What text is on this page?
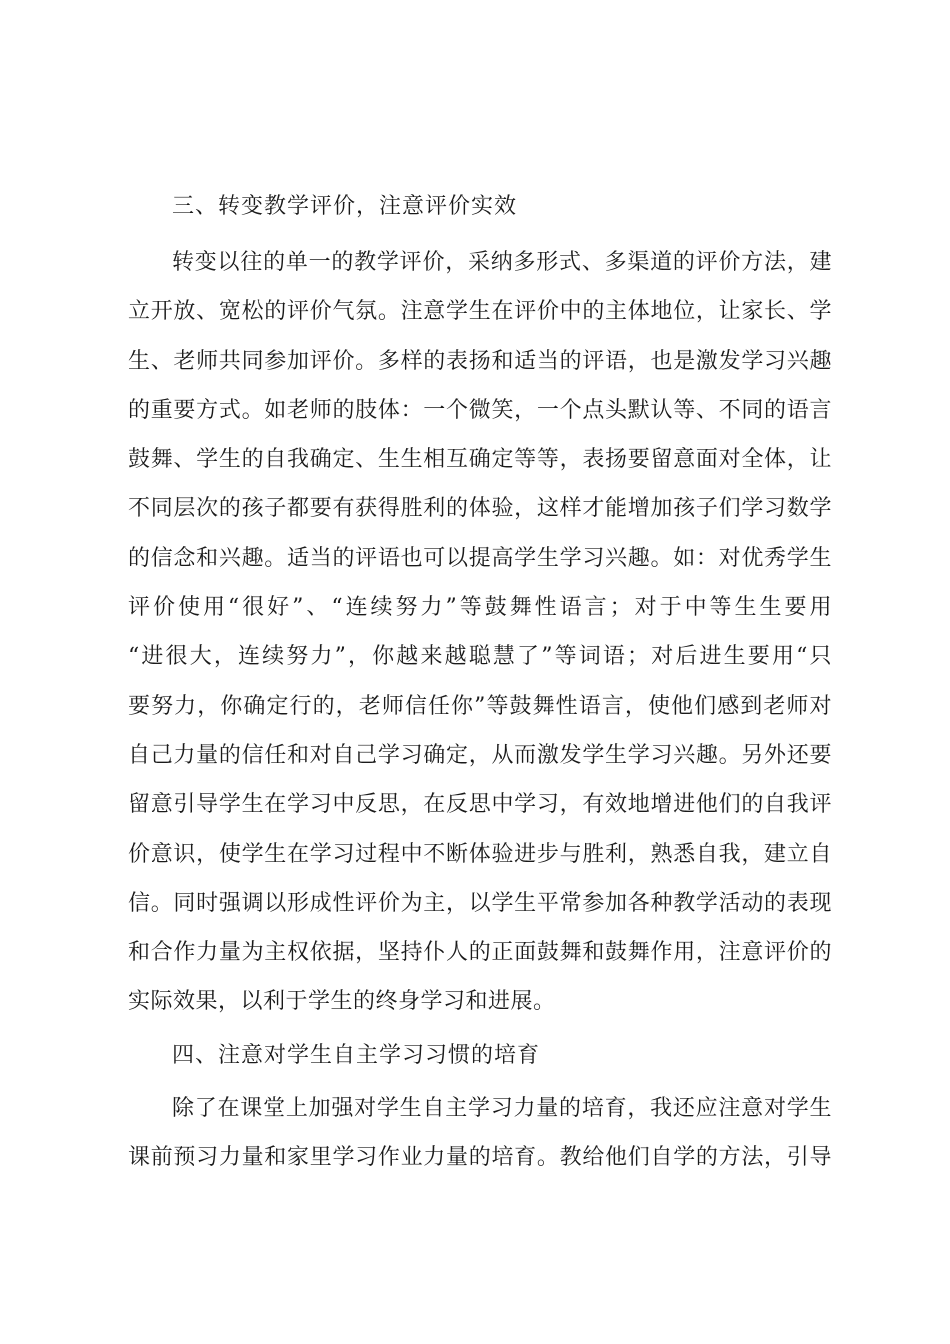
三、转变教学评价，注意评价实效
转变以往的单一的教学评价，采纳多形式、多渠道的评价方法，建
立开放、宽松的评价气氛。注意学生在评价中的主体地位，让家长、学
生、老师共同参加评价。多样的表扬和适当的评语，也是激发学习兴趣
的重要方式。如老师的肢体：一个微笑，一个点头默认等、不同的语言
鼓舞、学生的自我确定、生生相互确定等等，表扬要留意面对全体，让
不同层次的孩子都要有获得胜利的体验，这样才能增加孩子们学习数学
的信念和兴趣。适当的评语也可以提高学生学习兴趣。如：对优秀学生
评价使用“很好”、“连续努力”等鼓舞性语言；对于中等生生要用
“进很大，连续努力”，你越来越聪慧了”等词语；对后进生要用“只
要努力，你确定行的，老师信任你”等鼓舞性语言，使他们感到老师对
自己力量的信任和对自己学习确定，从而激发学生学习兴趣。另外还要
留意引导学生在学习中反思，在反思中学习，有效地增进他们的自我评
价意识，使学生在学习过程中不断体验进步与胜利，熟悉自我，建立自
信。同时强调以形成性评价为主，以学生平常参加各种教学活动的表现
和合作力量为主权依据，坚持仆人的正面鼓舞和鼓舞作用，注意评价的
实际效果，以利于学生的终身学习和进展。
四、注意对学生自主学习习惯的培育
除了在课堂上加强对学生自主学习力量的培育，我还应注意对学生
课前预习力量和家里学习作业力量的培育。教给他们自学的方法，引导
